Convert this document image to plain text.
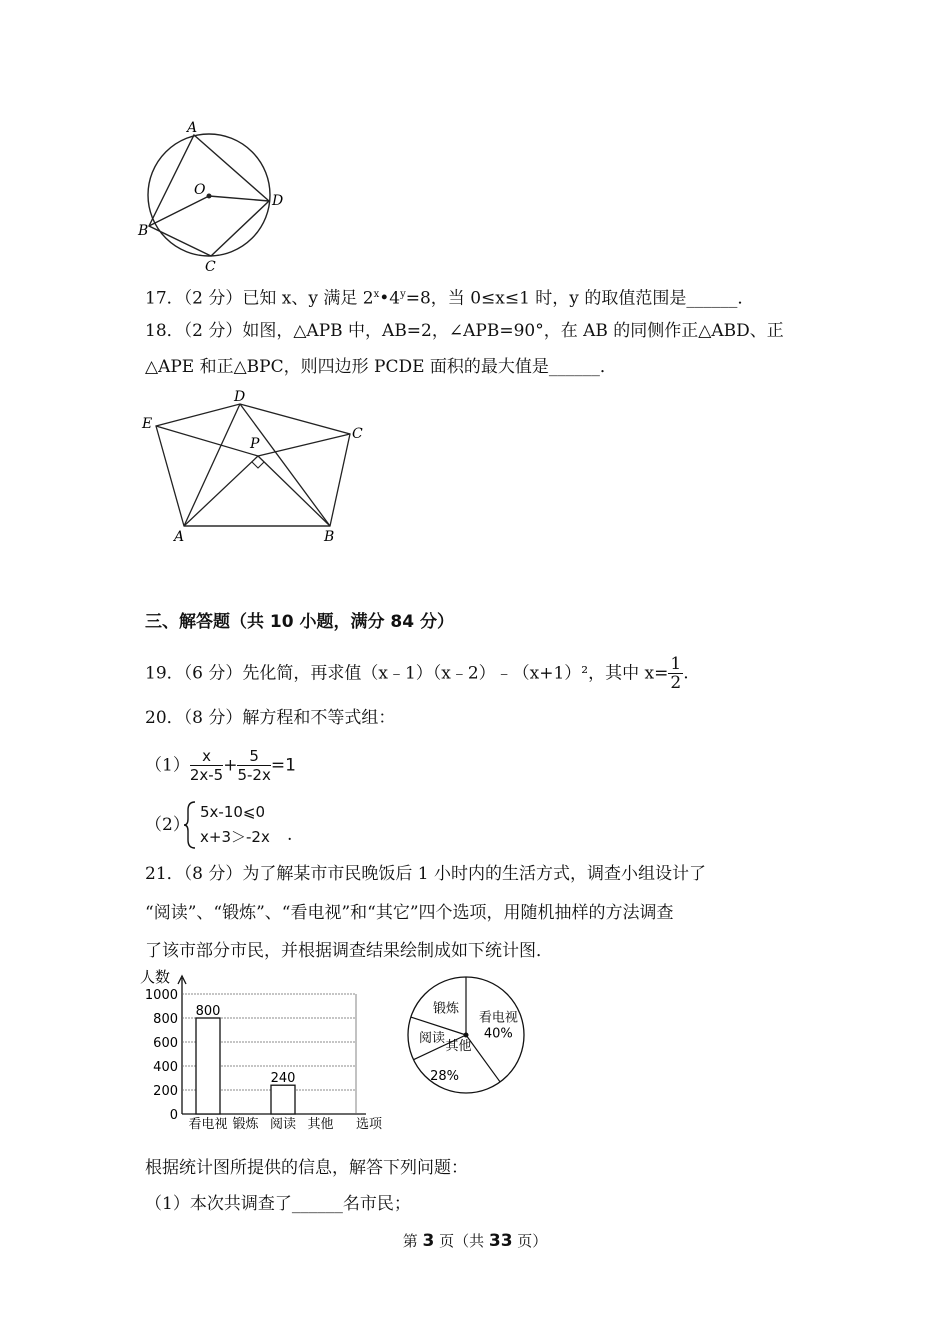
A
O
D
B
C
17．（2 分）已知 x、y 满足 $2^x•4^y=8$，当 0≤x≤1 时，y 的取值范围是______．
18．（2 分）如图，△APB 中，AB=2，∠APB=90°，在 AB 的同侧作正△ABD、正
△APE 和正△BPC，则四边形 PCDE 面积的最大值是______．
E
D
C
P
A	B
三、解答题（共 10 小题，满分 84 分）
19．（6 分）先化简，再求值（x﹣1）（x﹣2）﹣（x+1）²，其中 $x= \frac{1}{2}$ .
20．（8 分）解方程和不等式组：
$(1) \frac{x}{2x-5} + \frac{5}{5-2x} =1$
（2）
5x-10⩽0
x+3＞-2x .
21．（8 分）为了解某市市民晚饭后 1 小时内的生活方式，调查小组设计了
“阅读”、“锻炼”、“看电视”和“其它”四个选项，用随机抽样的方法调查
了该市部分市民，并根据调查结果绘制成如下统计图．
人数
0
200
400
600
800
1000
800
看电视 锻炼
240
阅读 其他 选项
看电视
40%
其他
28%
阅读
锻炼
根据统计图所提供的信息，解答下列问题：
（1）本次共调查了______名市民；
第 3 页（共 33 页）
